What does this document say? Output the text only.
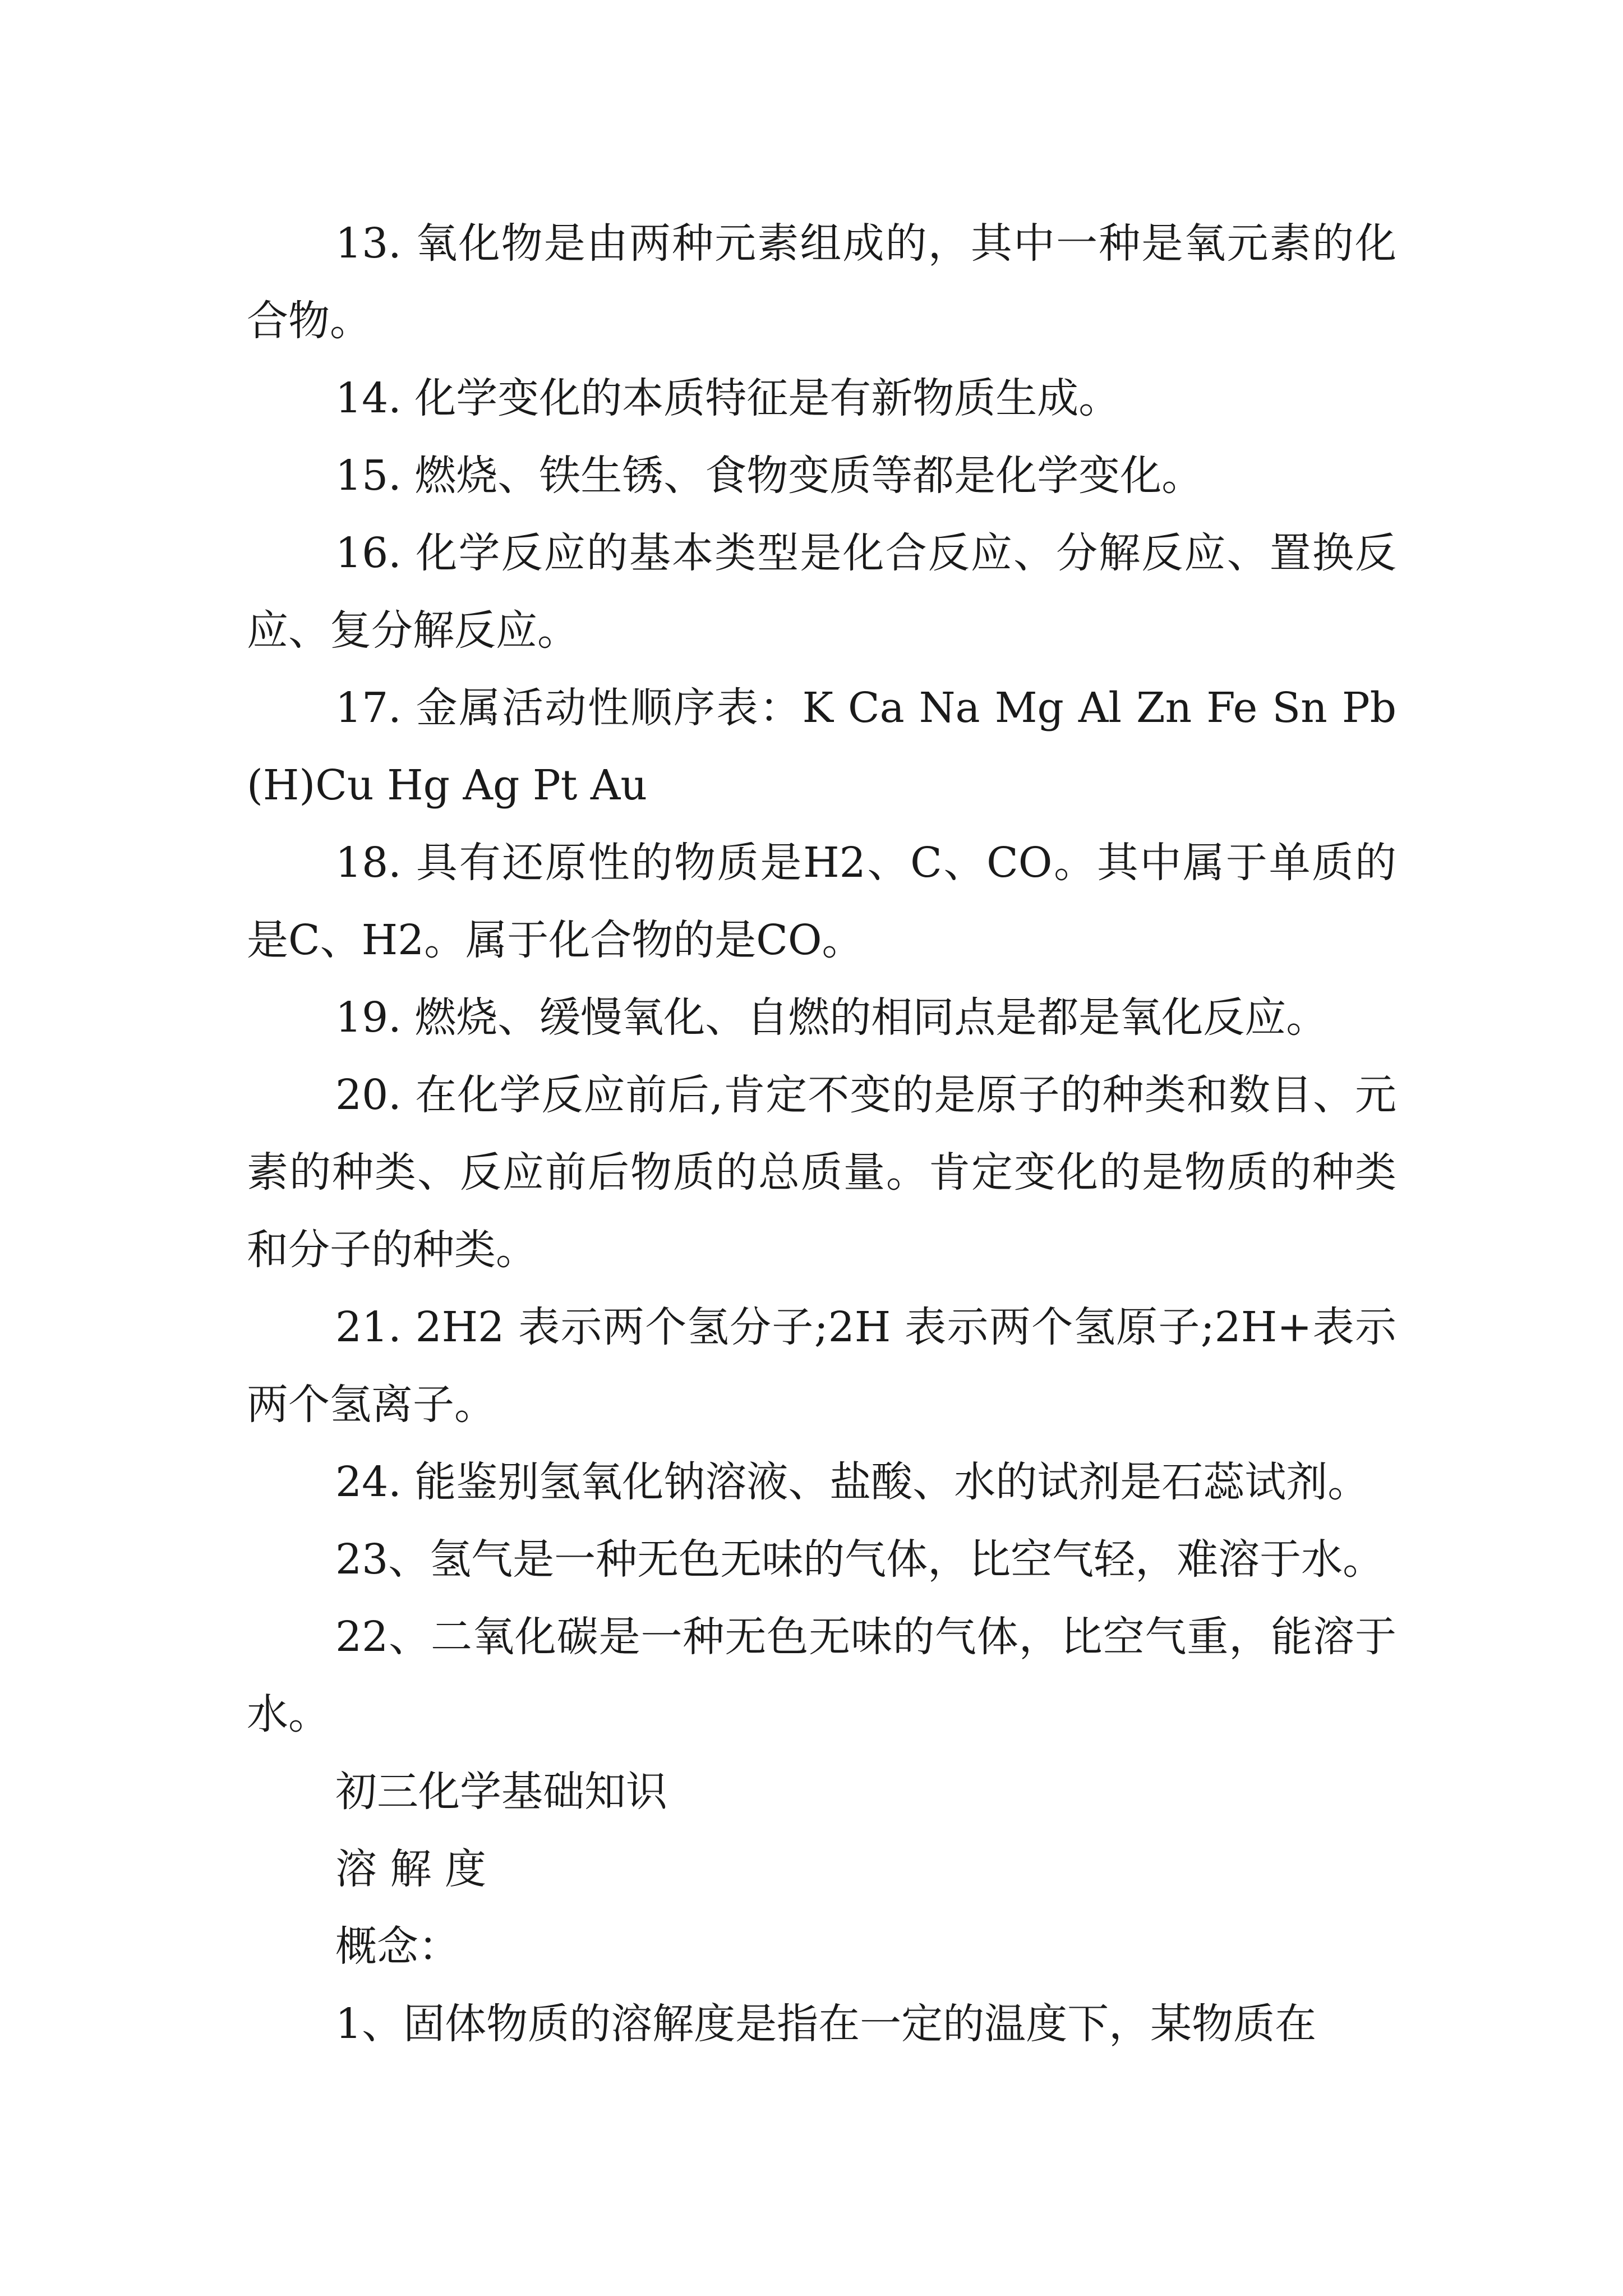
13. 氧化物是由两种元素组成的，其中一种是氧元素的化合物。

14. 化学变化的本质特征是有新物质生成。

15. 燃烧、铁生锈、食物变质等都是化学变化。

16. 化学反应的基本类型是化合反应、分解反应、置换反应、复分解反应。

17. 金属活动性顺序表：K Ca Na Mg Al Zn Fe Sn Pb (H)Cu Hg Ag Pt Au

18. 具有还原性的物质是H2、C、CO。其中属于单质的是C、H2。属于化合物的是CO。

19. 燃烧、缓慢氧化、自燃的相同点是都是氧化反应。

20. 在化学反应前后,肯定不变的是原子的种类和数目、元素的种类、反应前后物质的总质量。肯定变化的是物质的种类和分子的种类。

21. 2H2 表示两个氢分子;2H 表示两个氢原子;2H+表示两个氢离子。

24. 能鉴别氢氧化钠溶液、盐酸、水的试剂是石蕊试剂。

23、氢气是一种无色无味的气体，比空气轻，难溶于水。

22、二氧化碳是一种无色无味的气体，比空气重，能溶于水。

初三化学基础知识

溶 解 度

概念：

1、固体物质的溶解度是指在一定的温度下，某物质在
